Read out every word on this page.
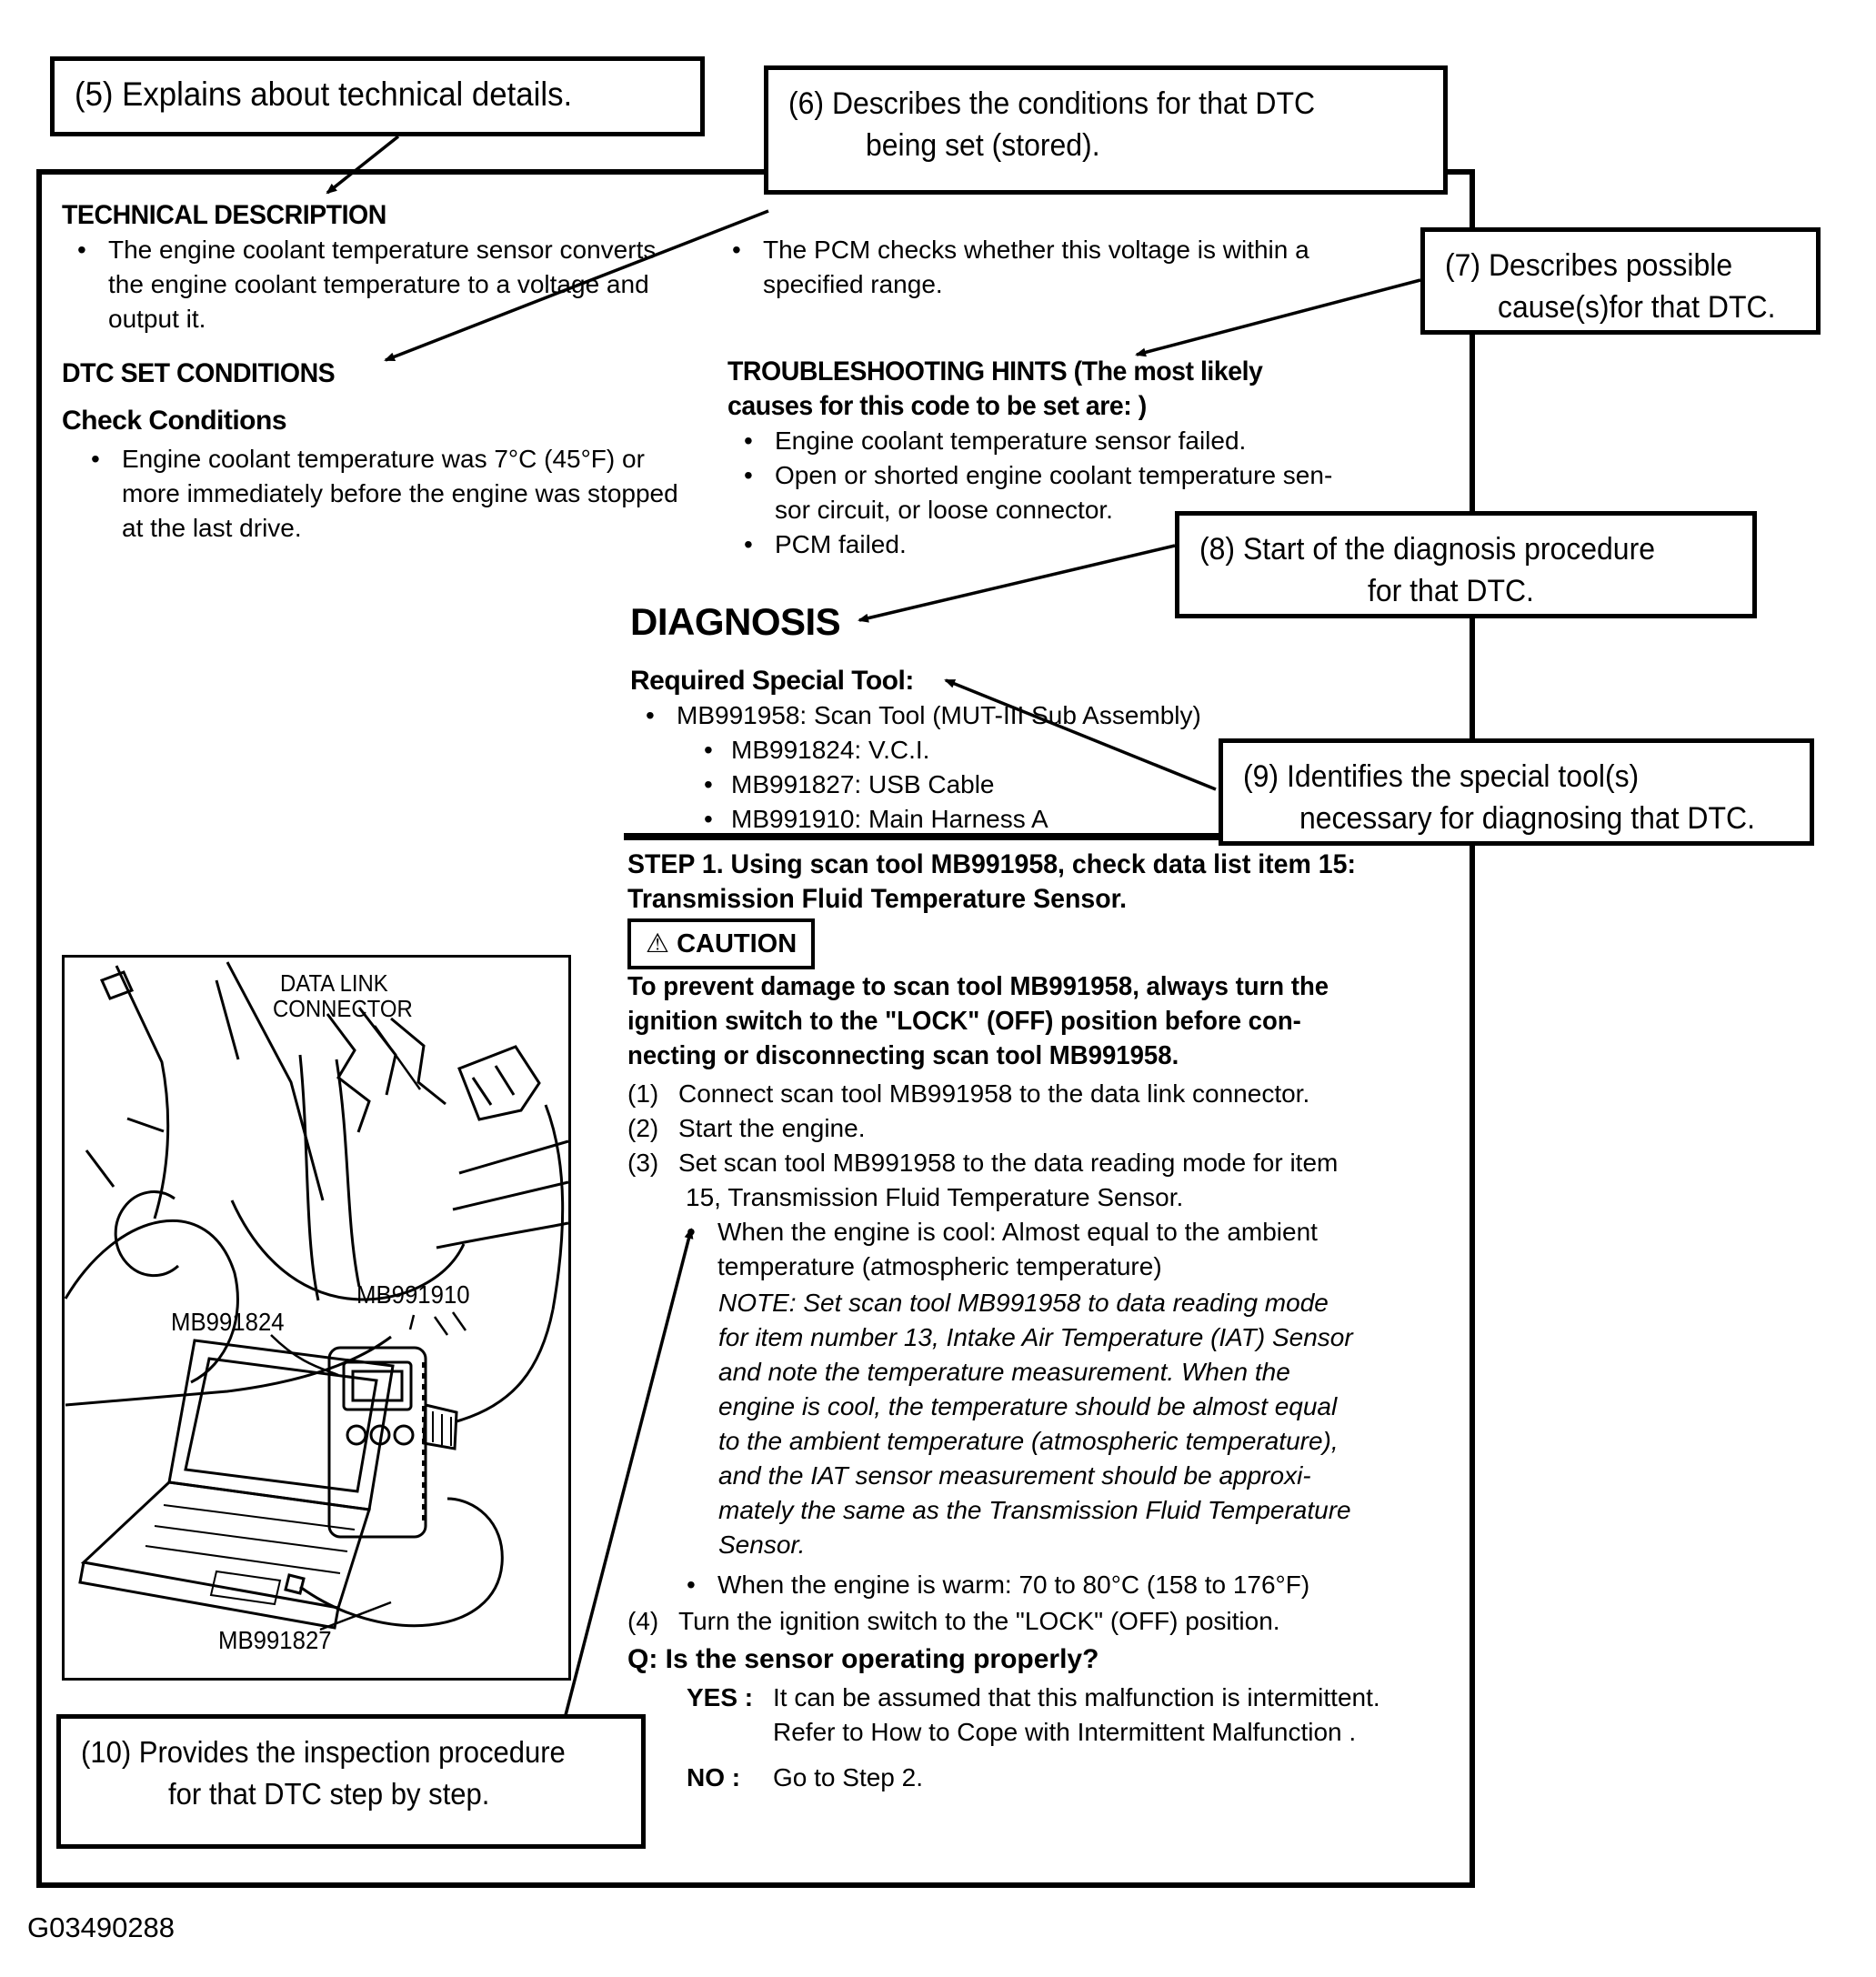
(5) Explains about technical details.	(6) Describes the conditions for that DTC
being set (stored).
(7) Describes possible
cause(s)for that DTC.
(8) Start of the diagnosis procedure
for that DTC.
(9) Identifies the special tool(s)
necessary for diagnosing that DTC.
(10) Provides the inspection procedure
for that DTC step by step.
TECHNICAL DESCRIPTION
•
The engine coolant temperature sensor converts
the engine coolant temperature to a voltage and
output it.
DTC SET CONDITIONS
Check Conditions
•
Engine coolant temperature was 7°C (45°F) or
more immediately before the engine was stopped
at the last drive.
•
The PCM checks whether this voltage is within a
specified range.
TROUBLESHOOTING HINTS (The most likely
causes for this code to be set are: )
•
Engine coolant temperature sensor failed.
•
Open or shorted engine coolant temperature sen-
sor circuit, or loose connector.
•
PCM failed.
DIAGNOSIS
Required Special Tool:
•
MB991958: Scan Tool (MUT-III Sub Assembly)
•
MB991824: V.C.I.
•
MB991827: USB Cable
•
MB991910: Main Harness A
STEP 1. Using scan tool MB991958, check data list item 15:
Transmission Fluid Temperature Sensor.
⚠ CAUTION
To prevent damage to scan tool MB991958, always turn the
ignition switch to the "LOCK" (OFF) position before con-
necting or disconnecting scan tool MB991958.
(1) Connect scan tool MB991958 to the data link connector.
(2) Start the engine.
(3) Set scan tool MB991958 to the data reading mode for item
15, Transmission Fluid Temperature Sensor.
•
When the engine is cool: Almost equal to the ambient
temperature (atmospheric temperature)
NOTE: Set scan tool MB991958 to data reading mode
for item number 13, Intake Air Temperature (IAT) Sensor
and note the temperature measurement. When the
engine is cool, the temperature should be almost equal
to the ambient temperature (atmospheric temperature),
and the IAT sensor measurement should be approxi-
mately the same as the Transmission Fluid Temperature
Sensor.
•
When the engine is warm: 70 to 80°C (158 to 176°F)
(4) Turn the ignition switch to the "LOCK" (OFF) position.
Q: Is the sensor operating properly?
YES : It can be assumed that this malfunction is intermittent.
Refer to How to Cope with Intermittent Malfunction .
NO :	Go to Step 2.
DATA LINK
CONNECTOR
MB991824
MB991910
MB991827
G03490288
